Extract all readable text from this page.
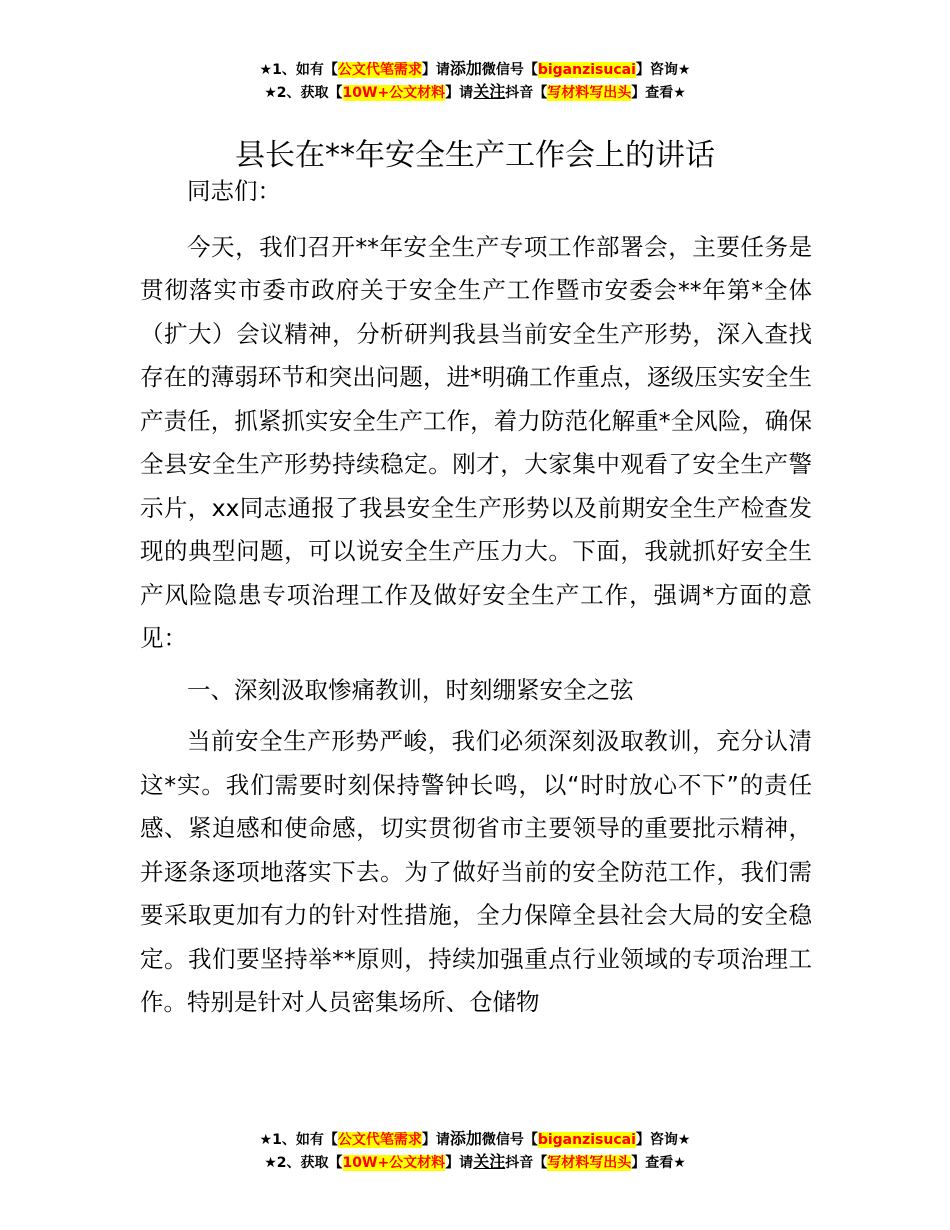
★1、如有【公文代笔需求】请添加微信号【biganzisucai】咨询★
★2、获取【10W+公文材料】请关注抖音【写材料写出头】查看★
县长在**年安全生产工作会上的讲话

同志们：

今天，我们召开**年安全生产专项工作部署会，主要任务是贯彻落实市委市政府关于安全生产工作暨市安委会**年第*全体（扩大）会议精神，分析研判我县当前安全生产形势，深入查找存在的薄弱环节和突出问题，进*明确工作重点，逐级压实安全生产责任，抓紧抓实安全生产工作，着力防范化解重*全风险，确保全县安全生产形势持续稳定。刚才，大家集中观看了安全生产警示片，xx同志通报了我县安全生产形势以及前期安全生产检查发现的典型问题，可以说安全生产压力大。下面，我就抓好安全生产风险隐患专项治理工作及做好安全生产工作，强调*方面的意见：

一、深刻汲取惨痛教训，时刻绷紧安全之弦

当前安全生产形势严峻，我们必须深刻汲取教训，充分认清这*实。我们需要时刻保持警钟长鸣，以“时时放心不下”的责任感、紧迫感和使命感，切实贯彻省市主要领导的重要批示精神，并逐条逐项地落实下去。为了做好当前的安全防范工作，我们需要采取更加有力的针对性措施，全力保障全县社会大局的安全稳定。我们要坚持举**原则，持续加强重点行业领域的专项治理工作。特别是针对人员密集场所、仓储物

★1、如有【公文代笔需求】请添加微信号【biganzisucai】咨询★
★2、获取【10W+公文材料】请关注抖音【写材料写出头】查看★
